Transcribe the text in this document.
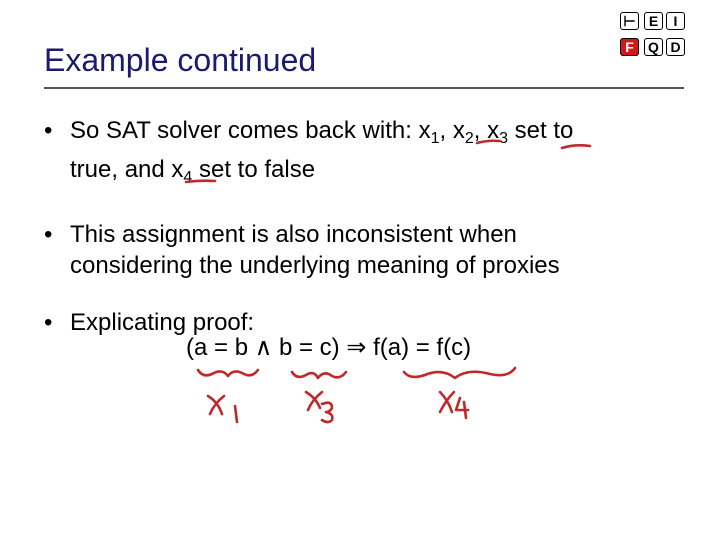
Example continued
⊢
F
E	I
Q D
• So SAT solver comes back with: $x_1$, $x_2$, $x_3$ set to
true, and $x_4$ set to false
• This assignment is also inconsistent when
considering the underlying meaning of proxies
• Explicating proof:
(a = b ∧ b = c) ⇒ f(a) = f(c)
